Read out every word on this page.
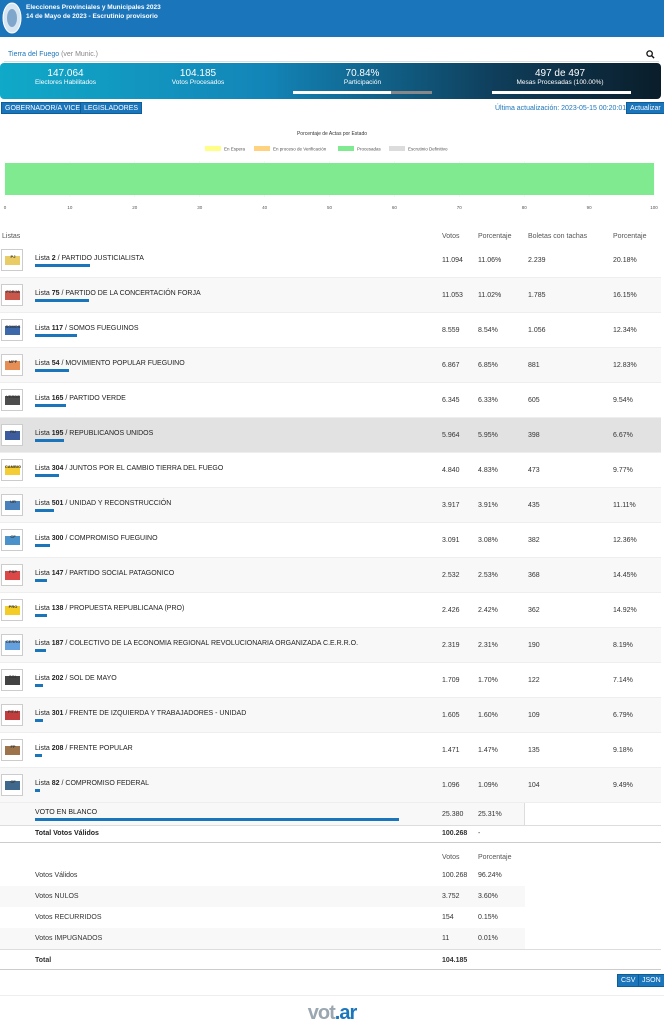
Elecciones Provinciales y Municipales 2023
14 de Mayo de 2023 - Escrutinio provisorio
Tierra del Fuego (ver Munic.)
147.064
Electores Habilitados
104.185
Votos Procesados
70.84%
Participación
497 de 497
Mesas Procesadas (100.00%)
GOBERNADOR/A VICE LEGISLADORES	Última actualización: 2023-05-15 00:20:01 Actualizar
Porcentaje de Actas por Estado
En Espera	En proceso de Verificación	Procesadas	Escrutinio Definitivo
0	10	20	30	40	50	60	70	80	90	100
Listas	Votos	Porcentaje Boletas con tachas	Porcentaje
PJ	Lista 2 / PARTIDO JUSTICIALISTA	11.094 11.06%	2.239	20.18%
FORJA	Lista 75 / PARTIDO DE LA CONCERTACIÓN FORJA	11.053 11.02%	1.785	16.15%
SOMOS	Lista 117 / SOMOS FUEGUINOS	8.559	8.54%	1.056	12.34%
MPF	Lista 54 / MOVIMIENTO POPULAR FUEGUINO	6.867	6.85%	881	12.83%
VERDE	Lista 165 / PARTIDO VERDE	6.345	6.33%	605	9.54%
RU	Lista 195 / REPUBLICANOS UNIDOS	5.964	5.95%	398	6.67%
CAMBIO Lista 304 / JUNTOS POR EL CAMBIO TIERRA DEL FUEGO	4.840	4.83%	473	9.77%
UR	Lista 501 / UNIDAD Y RECONSTRUCCIÓN	3.917	3.91%	435	11.11%
CF	Lista 300 / COMPROMISO FUEGUINO	3.091	3.08%	382	12.36%
PSP	Lista 147 / PARTIDO SOCIAL PATAGONICO	2.532	2.53%	368	14.45%
PRO	Lista 138 / PROPUESTA REPUBLICANA (PRO)	2.426	2.42%	362	14.92%
CERRO	Lista 187 / COLECTIVO DE LA ECONOMIA REGIONAL REVOLUCIONARIA ORGANIZADA C.E.R.R.O.	2.319	2.31%	190	8.19%
SOL	Lista 202 / SOL DE MAYO	1.709	1.70%	122	7.14%
FIT-U	Lista 301 / FRENTE DE IZQUIERDA Y TRABAJADORES - UNIDAD	1.605	1.60%	109	6.79%
FP	Lista 208 / FRENTE POPULAR	1.471	1.47%	135	9.18%
CF	Lista 82 / COMPROMISO FEDERAL	1.096	1.09%	104	9.49%
VOTO EN BLANCO	25.380 25.31%
Total Votos Válidos	100.268 -
Votos	Porcentaje
Votos Válidos	100.268 96.24%
Votos NULOS	3.752	3.60%
Votos RECURRIDOS	154	0.15%
Votos IMPUGNADOS	11	0.01%
Total	104.185
CSV JSON
vot.ar
